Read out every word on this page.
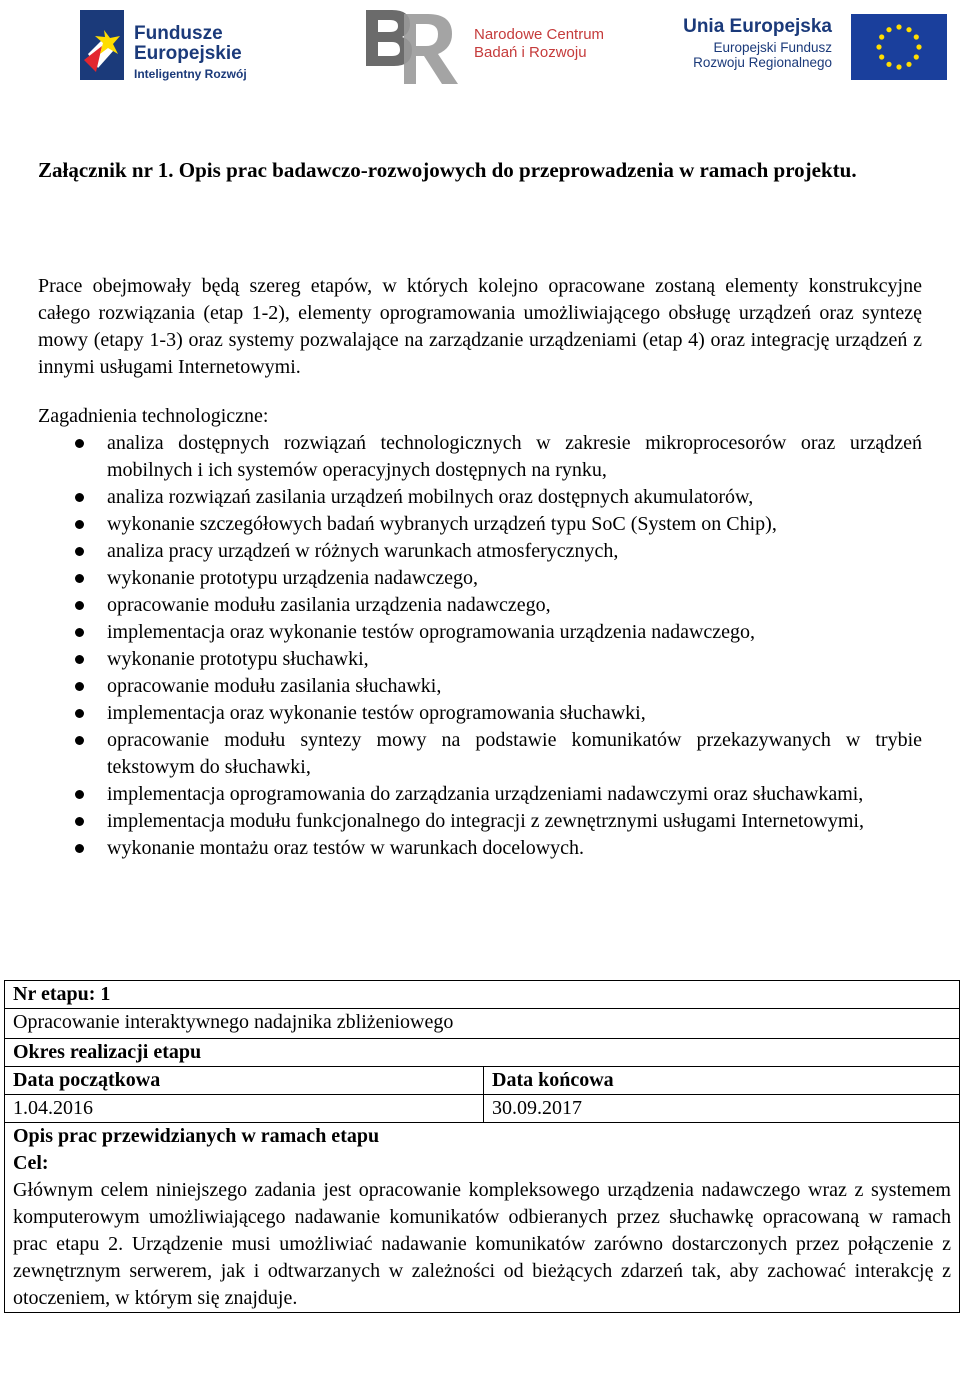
Fundusze
Europejskie
Inteligentny Rozwój
Narodowe Centrum
Badań i Rozwoju
Unia Europejska
Europejski Fundusz
Rozwoju Regionalnego

Załącznik nr 1. Opis prac badawczo-rozwojowych do przeprowadzenia w ramach projektu.

Prace obejmowały będą szereg etapów, w których kolejno opracowane zostaną elementy konstrukcyjne całego rozwiązania (etap 1-2), elementy oprogramowania umożliwiającego obsługę urządzeń oraz syntezę mowy (etapy 1-3) oraz systemy pozwalające na zarządzanie urządzeniami (etap 4) oraz integrację urządzeń z innymi usługami Internetowymi.

Zagadnienia technologiczne:
analiza dostępnych rozwiązań technologicznych w zakresie mikroprocesorów oraz urządzeń mobilnych i ich systemów operacyjnych dostępnych na rynku,
analiza rozwiązań zasilania urządzeń mobilnych oraz dostępnych akumulatorów,
wykonanie szczegółowych badań wybranych urządzeń typu SoC (System on Chip),
analiza pracy urządzeń w różnych warunkach atmosferycznych,
wykonanie prototypu urządzenia nadawczego,
opracowanie modułu zasilania urządzenia nadawczego,
implementacja oraz wykonanie testów oprogramowania urządzenia nadawczego,
wykonanie prototypu słuchawki,
opracowanie modułu zasilania słuchawki,
implementacja oraz wykonanie testów oprogramowania słuchawki,
opracowanie modułu syntezy mowy na podstawie komunikatów przekazywanych w trybie tekstowym do słuchawki,
implementacja oprogramowania do zarządzania urządzeniami nadawczymi oraz słuchawkami,
implementacja modułu funkcjonalnego do integracji z zewnętrznymi usługami Internetowymi,
wykonanie montażu oraz testów w warunkach docelowych.
Nr etapu: 1
Opracowanie interaktywnego nadajnika zbliżeniowego
Okres realizacji etapu
Data początkowa	Data końcowa
1.04.2016	30.09.2017
Opis prac przewidzianych w ramach etapu
Cel:
Głównym celem niniejszego zadania jest opracowanie kompleksowego urządzenia nadawczego wraz z systemem komputerowym umożliwiającego nadawanie komunikatów odbieranych przez słuchawkę opracowaną w ramach prac etapu 2. Urządzenie musi umożliwiać nadawanie komunikatów zarówno dostarczonych przez połączenie z zewnętrznym serwerem, jak i odtwarzanych w zależności od bieżących zdarzeń tak, aby zachować interakcję z otoczeniem, w którym się znajduje.
